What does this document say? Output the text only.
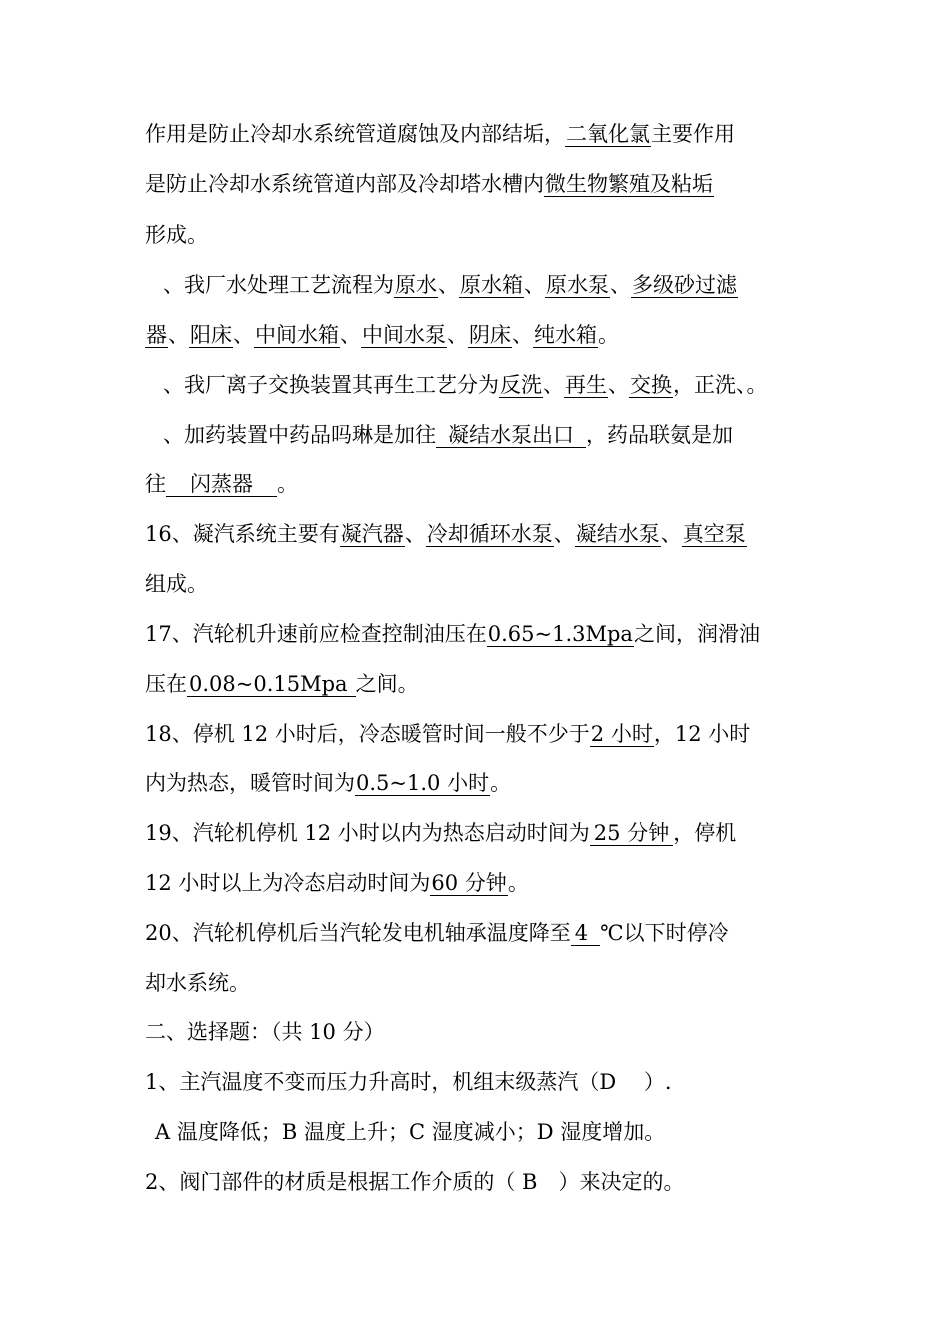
作用是防止冷却水系统管道腐蚀及内部结垢，二氧化氯主要作用
是防止冷却水系统管道内部及冷却塔水槽内微生物繁殖及粘垢
形成。
、我厂水处理工艺流程为原水、原水箱、原水泵、多级砂过滤
器、阳床、中间水箱、中间水泵、阴床、纯水箱。
、我厂离子交换装置其再生工艺分为反洗、再生、交换，正洗、。
、加药装置中药品吗琳是加往 凝结水泵出口 ，药品联氨是加
往 闪蒸器 。
16、凝汽系统主要有凝汽器、冷却循环水泵、凝结水泵、真空泵
组成。
17、汽轮机升速前应检查控制油压在0.65~1.3Mpa之间，润滑油
压在0.08~0.15Mpa 之间。
18、停机 12 小时后，冷态暖管时间一般不少于2 小时，12 小时
内为热态，暖管时间为0.5~1.0 小时。
19、汽轮机停机 12 小时以内为热态启动时间为 25 分钟 ，停机
12 小时以上为冷态启动时间为60 分钟。
20、汽轮机停机后当汽轮发电机轴承温度降至 4 ℃以下时停冷
却水系统。
二、选择题：（共 10 分）
1、主汽温度不变而压力升高时，机组末级蒸汽（D　 ）.
A 温度降低；B 温度上升；C 湿度减小；D 湿度增加。
2、阀门部件的材质是根据工作介质的（ B　）来决定的。
